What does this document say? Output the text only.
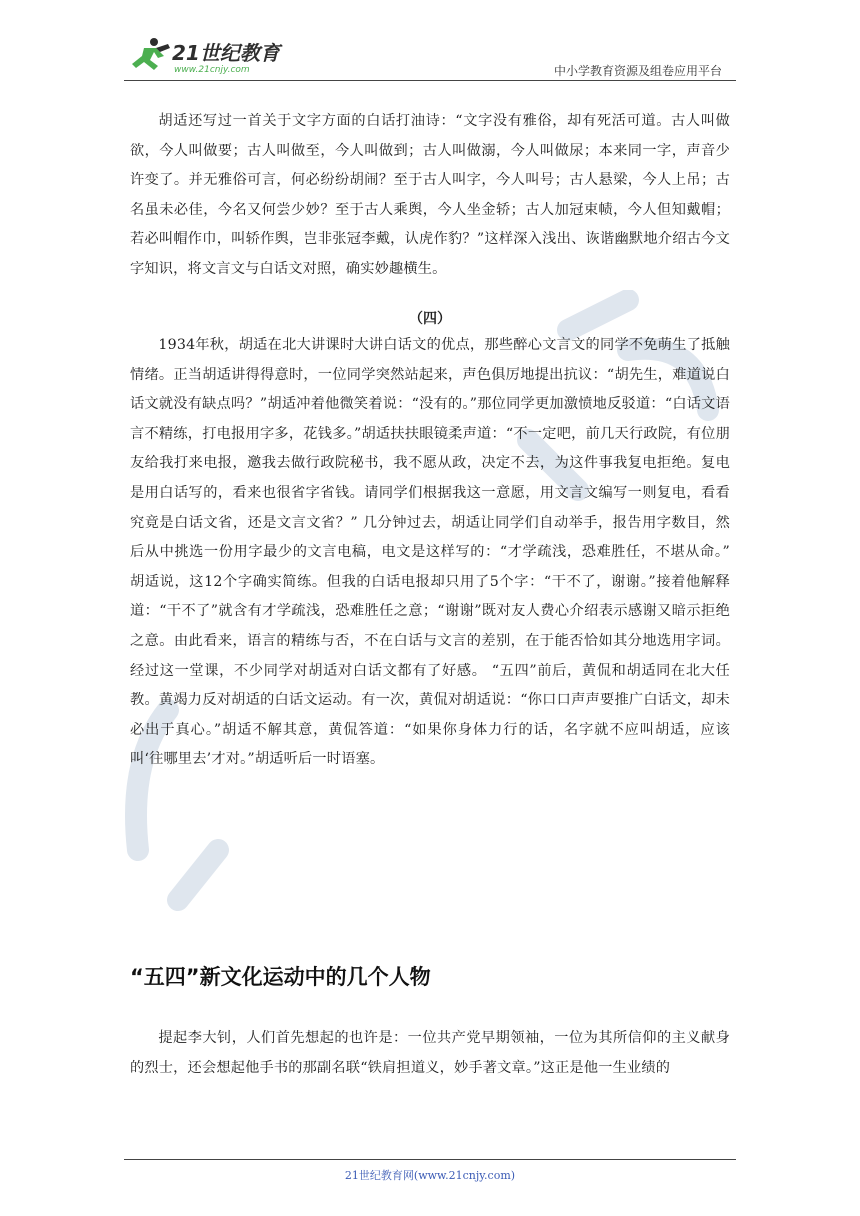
21世纪教育
www.21cnjy.com	中小学教育资源及组卷应用平台

胡适还写过一首关于文字方面的白话打油诗：“文字没有雅俗，却有死活可道。古人叫做欲，今人叫做要；古人叫做至，今人叫做到；古人叫做溺，今人叫做尿；本来同一字，声音少许变了。并无雅俗可言，何必纷纷胡闹？至于古人叫字，今人叫号；古人悬梁，今人上吊；古名虽未必佳，今名又何尝少妙？至于古人乘舆，今人坐金轿；古人加冠束帻，今人但知戴帽；若必叫帽作巾，叫轿作舆，岂非张冠李戴，认虎作豹？”这样深入浅出、诙谐幽默地介绍古今文字知识，将文言文与白话文对照，确实妙趣横生。

（四）

1934年秋，胡适在北大讲课时大讲白话文的优点，那些醉心文言文的同学不免萌生了抵触情绪。正当胡适讲得得意时，一位同学突然站起来，声色俱厉地提出抗议：“胡先生，难道说白话文就没有缺点吗？”胡适冲着他微笑着说：“没有的。”那位同学更加激愤地反驳道：“白话文语言不精练，打电报用字多，花钱多。”胡适扶扶眼镜柔声道：“不一定吧，前几天行政院，有位朋友给我打来电报，邀我去做行政院秘书，我不愿从政，决定不去，为这件事我复电拒绝。复电是用白话写的，看来也很省字省钱。请同学们根据我这一意愿，用文言文编写一则复电，看看究竟是白话文省，还是文言文省？” 几分钟过去，胡适让同学们自动举手，报告用字数目，然后从中挑选一份用字最少的文言电稿，电文是这样写的：“才学疏浅，恐难胜任，不堪从命。” 胡适说，这12个字确实简练。但我的白话电报却只用了5个字：“干不了，谢谢。”接着他解释道：“干不了”就含有才学疏浅，恐难胜任之意；“谢谢”既对友人费心介绍表示感谢又暗示拒绝之意。由此看来，语言的精练与否，不在白话与文言的差别，在于能否恰如其分地选用字词。经过这一堂课，不少同学对胡适对白话文都有了好感。 “五四”前后，黄侃和胡适同在北大任教。黄竭力反对胡适的白话文运动。有一次，黄侃对胡适说：“你口口声声要推广白话文，却未必出于真心。”胡适不解其意，黄侃答道：“如果你身体力行的话，名字就不应叫胡适，应该叫‘往哪里去’才对。”胡适听后一时语塞。

“五四”新文化运动中的几个人物

提起李大钊，人们首先想起的也许是：一位共产党早期领袖，一位为其所信仰的主义献身的烈士，还会想起他手书的那副名联“铁肩担道义，妙手著文章。”这正是他一生业绩的

21世纪教育网(www.21cnjy.com)
